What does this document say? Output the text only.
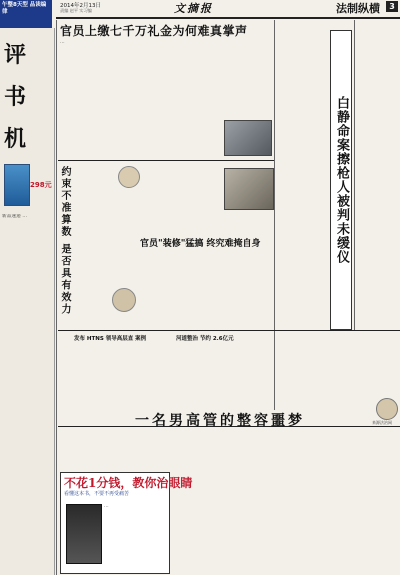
午整8天型 品读编律
2014年2月13日
责编 赵平 实习编	文摘报	法制纵横	3
评
书
机
298元
新品速递 ...
官员上缴七千万礼金为何难真掌声
...
白静命案擦枪人被判未缓仪
约束不准算数 是否具有效力	官员"装修"猛搞 终究难掩自身
发布 HTNS 领导高层直 案例	河道整治 节约 2.6亿元
来源法治网
一名男高管的整容噩梦
不花1分钱，教你治眼睛
看懂这本书，不要不再受痛苦
...
